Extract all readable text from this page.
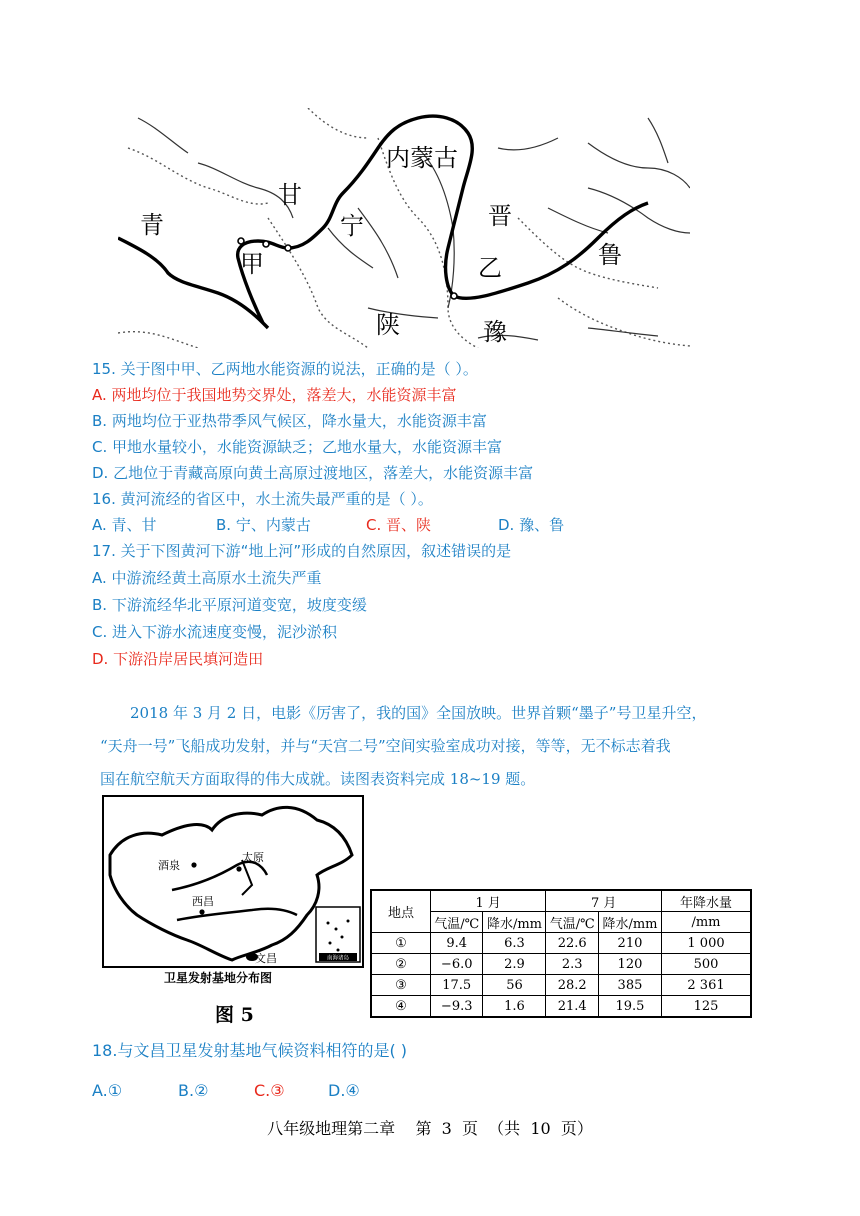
内蒙古
甘
青	宁	晋
鲁
甲	乙
陕	豫
15. 关于图中甲、乙两地水能资源的说法，正确的是（ ）。
A. 两地均位于我国地势交界处，落差大，水能资源丰富
B. 两地均位于亚热带季风气候区，降水量大，水能资源丰富
C. 甲地水量较小，水能资源缺乏；乙地水量大，水能资源丰富
D. 乙地位于青藏高原向黄土高原过渡地区，落差大，水能资源丰富
16. 黄河流经的省区中，水土流失最严重的是（ ）。
A. 青、甘	B. 宁、内蒙古	C. 晋、陕	D. 豫、鲁
17. 关于下图黄河下游“地上河”形成的自然原因，叙述错误的是
A. 中游流经黄土高原水土流失严重
B. 下游流经华北平原河道变宽，坡度变缓
C. 进入下游水流速度变慢，泥沙淤积
D. 下游沿岸居民填河造田
2018 年 3 月 2 日，电影《厉害了，我的国》全国放映。世界首颗“墨子”号卫星升空，
“天舟一号”飞船成功发射，并与“天宫二号”空间实验室成功对接，等等，无不标志着我
国在航空航天方面取得的伟大成就。读图表资料完成 18~19 题。
南海诸岛
酒泉
太原
西昌
文昌
卫星发射基地分布图
图 5
地点	1 月		7 月		年降水量
	气温/℃	降水/mm	气温/℃	降水/mm	/mm
①	9.4	6.3	22.6	210	1 000
②	−6.0	2.9	2.3	120	500
③	17.5	56	28.2	385	2 361
④	−9.3	1.6	21.4	19.5	125
18.与文昌卫星发射基地气候资料相符的是( )
A.①	B.②	C.③	D.④
八年级地理第二章    第  3  页  （共  10  页）
